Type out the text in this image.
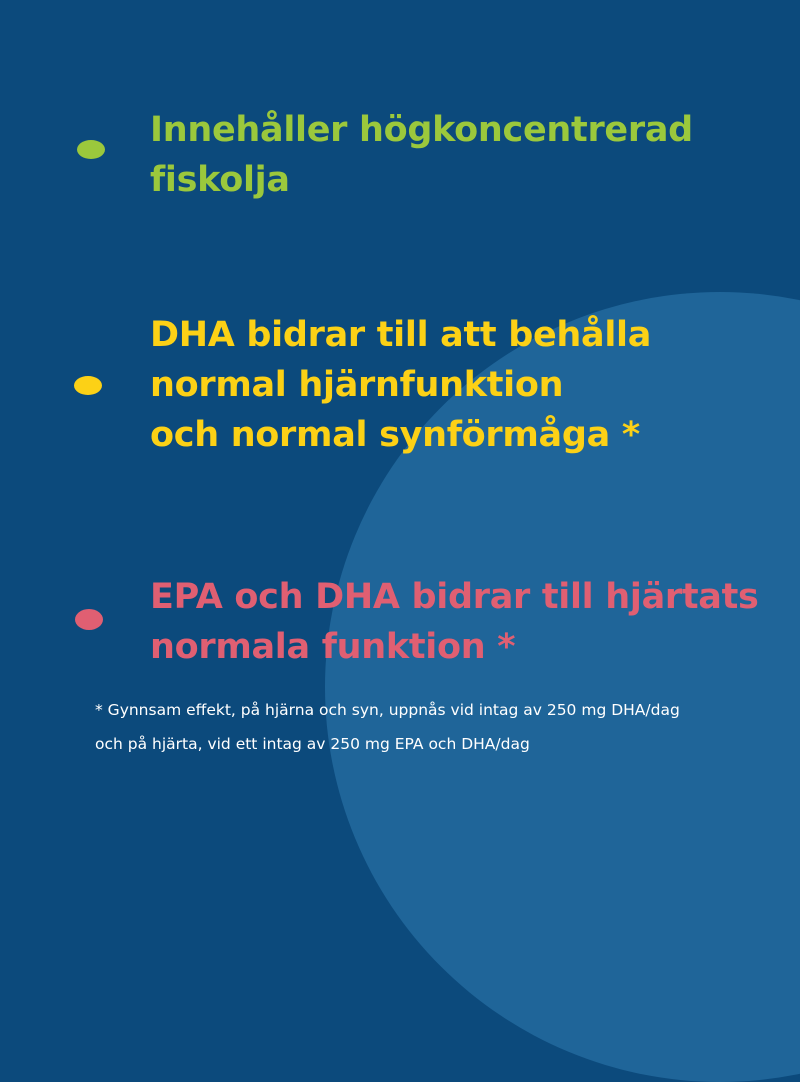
Innehåller högkoncentrerad
fiskolja

DHA bidrar till att behålla
normal hjärnfunktion
och normal synförmåga *

EPA och DHA bidrar till hjärtats
normala funktion *

* Gynnsam effekt, på hjärna och syn, uppnås vid intag av 250 mg DHA/dag
och på hjärta, vid ett intag av 250 mg EPA och DHA/dag
